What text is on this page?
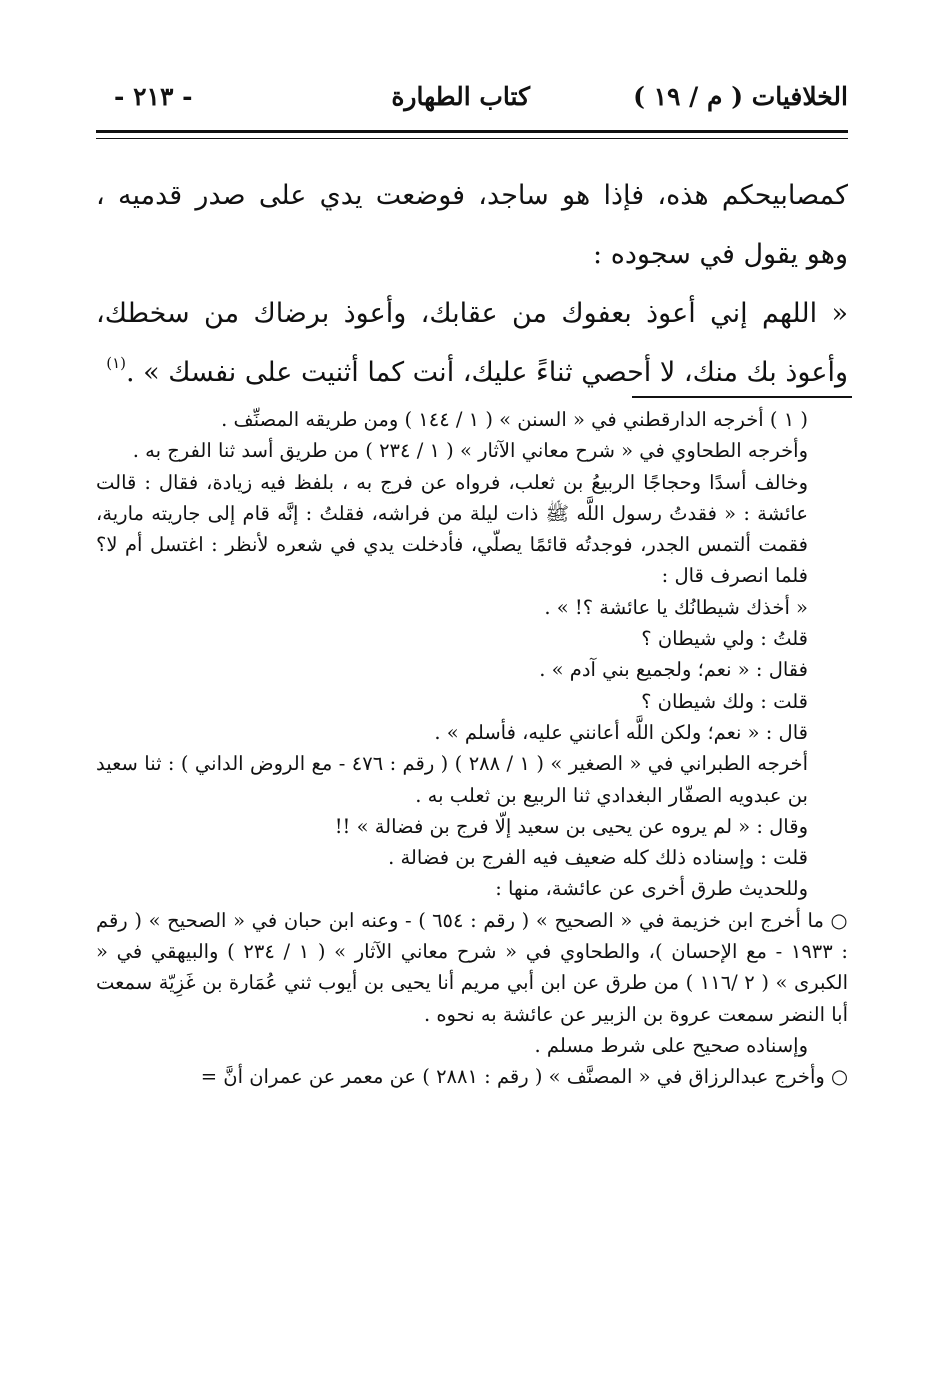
الخلافيات ( م / ١٩ )
كتاب الطهارة
- ٢١٣ -

كمصابيحكم هذه، فإذا هو ساجد، فوضعت يدي على صدر قدميه ، وهو يقول في سجوده :

« اللهم إني أعوذ بعفوك من عقابك، وأعوذ برضاك من سخطك، وأعوذ بك منك، لا أحصي ثناءً عليك، أنت كما أثنيت على نفسك » .$^{(١)}$

( ١ ) أخرجه الدارقطني في « السنن » ( ١ / ١٤٤ ) ومن طريقه المصنِّف .

وأخرجه الطحاوي في « شرح معاني الآثار » ( ١ / ٢٣٤ ) من طريق أسد ثنا الفرج به .

وخالف أسدًا وحجاجًا الربيعُ بن ثعلب، فرواه عن فرج به ، بلفظ فيه زيادة، فقال : قالت عائشة : « فقدتُ رسول اللَّه ﷺ ذات ليلة من فراشه، فقلتُ : إنَّه قام إلى جاريته مارية، فقمت ألتمس الجدر، فوجدتُه قائمًا يصلّي، فأدخلت يدي في شعره لأنظر : اغتسل أم لا؟ فلما انصرف قال :

« أخذك شيطانُك يا عائشة ؟! » .

قلتُ : ولي شيطان ؟

فقال : « نعم؛ ولجميع بني آدم » .

قلت : ولك شيطان ؟

قال : « نعم؛ ولكن اللَّه أعانني عليه، فأسلم » .

أخرجه الطبراني في « الصغير » ( ١ / ٢٨٨ ) ( رقم : ٤٧٦ - مع الروض الداني ) : ثنا سعيد بن عبدويه الصفّار البغدادي ثنا الربيع بن ثعلب به .

وقال : « لم يروه عن يحيى بن سعيد إلّا فرج بن فضالة » !!

قلت : وإسناده ذلك كله ضعيف فيه الفرج بن فضالة .

وللحديث طرق أخرى عن عائشة، منها :

○ ما أخرج ابن خزيمة في « الصحيح » ( رقم : ٦٥٤ ) - وعنه ابن حبان في « الصحيح » ( رقم : ١٩٣٣ - مع الإحسان )، والطحاوي في « شرح معاني الآثار » ( ١ / ٢٣٤ ) والبيهقي في « الكبرى » ( ٢ /١١٦ ) من طرق عن ابن أبي مريم أنا يحيى بن أيوب ثني عُمَارة بن غَزِيّة سمعت أبا النضر سمعت عروة بن الزبير عن عائشة به نحوه .

وإسناده صحيح على شرط مسلم .

○ وأخرج عبدالرزاق في « المصنَّف » ( رقم : ٢٨٨١ ) عن معمر عن عمران أنَّ =
